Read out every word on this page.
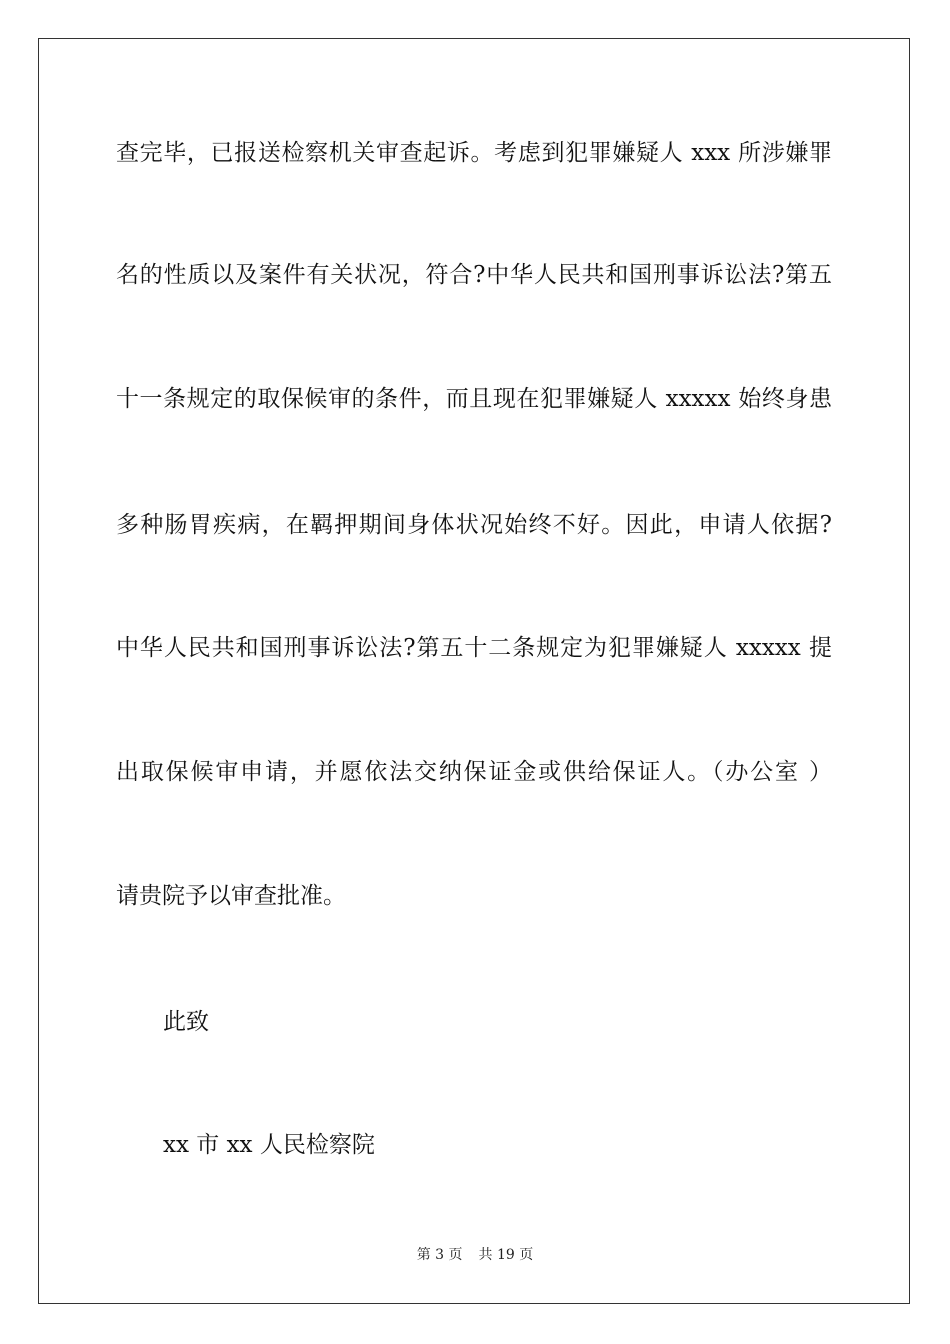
查完毕，已报送检察机关审查起诉。考虑到犯罪嫌疑人 xxx 所涉嫌罪
名的性质以及案件有关状况，符合?中华人民共和国刑事诉讼法?第五
十一条规定的取保候审的条件，而且现在犯罪嫌疑人 xxxxx 始终身患
多种肠胃疾病，在羁押期间身体状况始终不好。因此，申请人依据?
中华人民共和国刑事诉讼法?第五十二条规定为犯罪嫌疑人 xxxxx 提
出取保候审申请，并愿依法交纳保证金或供给保证人。（办公室 ）
请贵院予以审查批准。
此致
xx 市 xx 人民检察院
第 3 页 共 19 页
